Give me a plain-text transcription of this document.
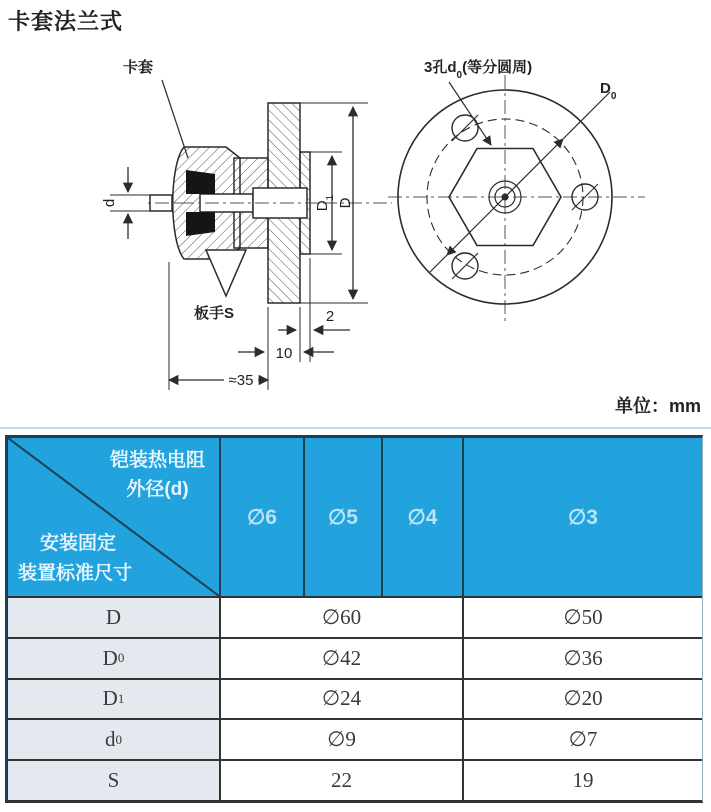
卡套法兰式
卡套
板手S	2
10
≈35
d	D
$D_1$
3孔$d_0$(等分圆周)
$D_0$
单位：mm
铠装热电阻
外径(d)
安装固定
装置标准尺寸
∅6	∅5	∅4	∅3
D	∅60	∅50
D 0	∅42	∅36
D 1	∅24	∅20
d 0	∅9	∅7
S	22	19
